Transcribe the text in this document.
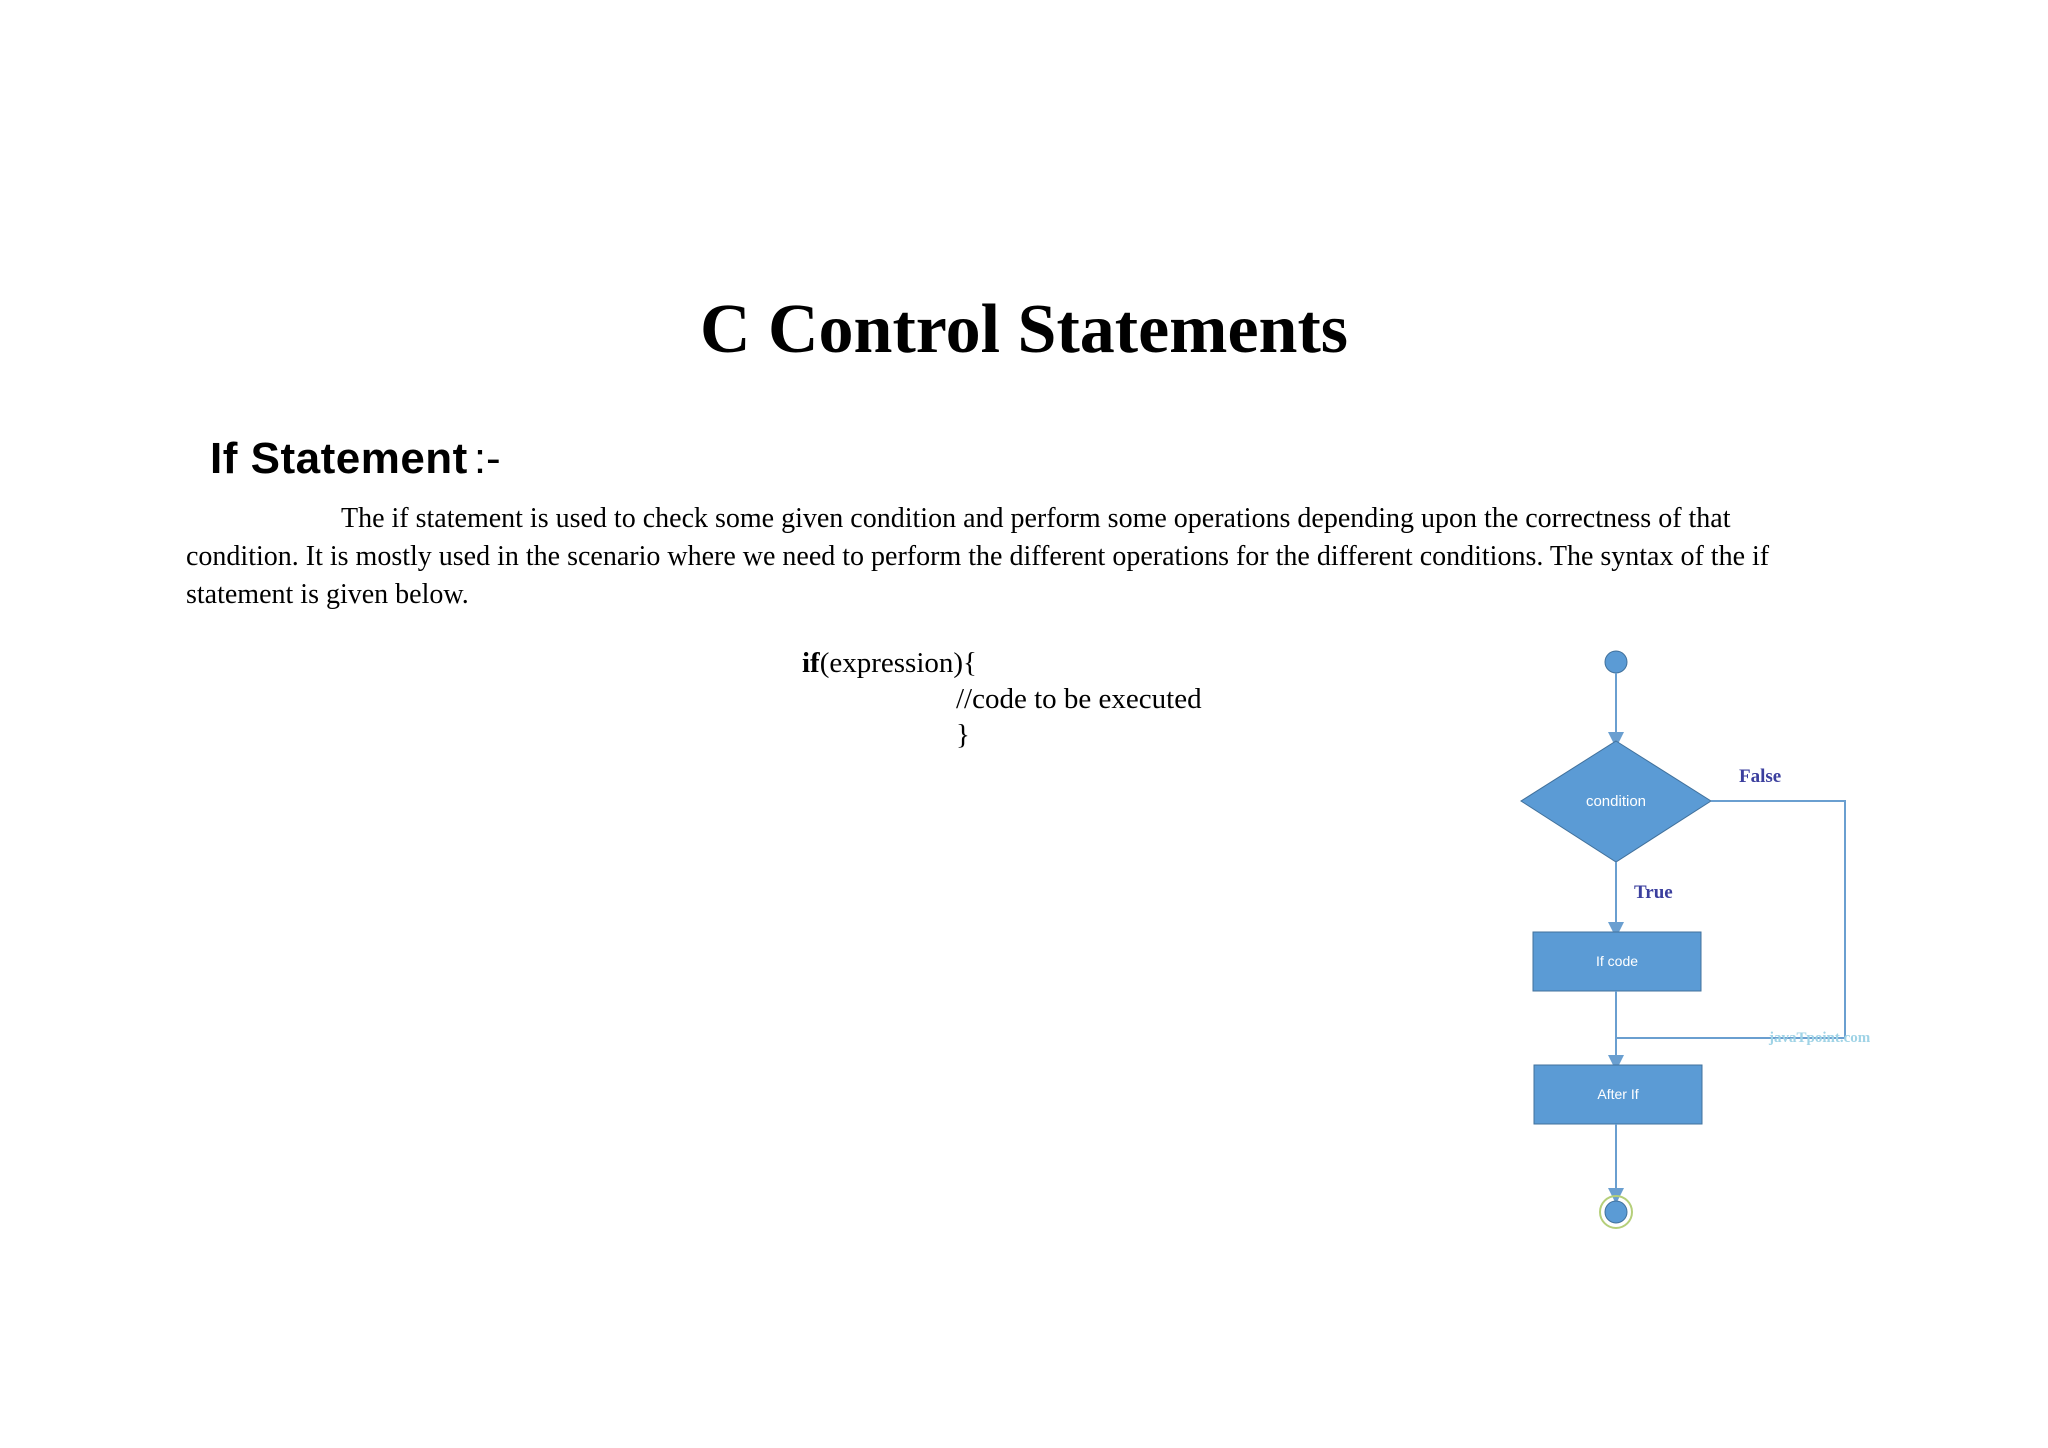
C Control Statements
If Statement :-

The if statement is used to check some given condition and perform some operations depending upon the correctness of that condition. It is mostly used in the scenario where we need to perform the different operations for the different conditions. The syntax of the if statement is given below.

if(expression){
//code to be executed
}
condition
False
True
If code
javaTpoint.com
After If
